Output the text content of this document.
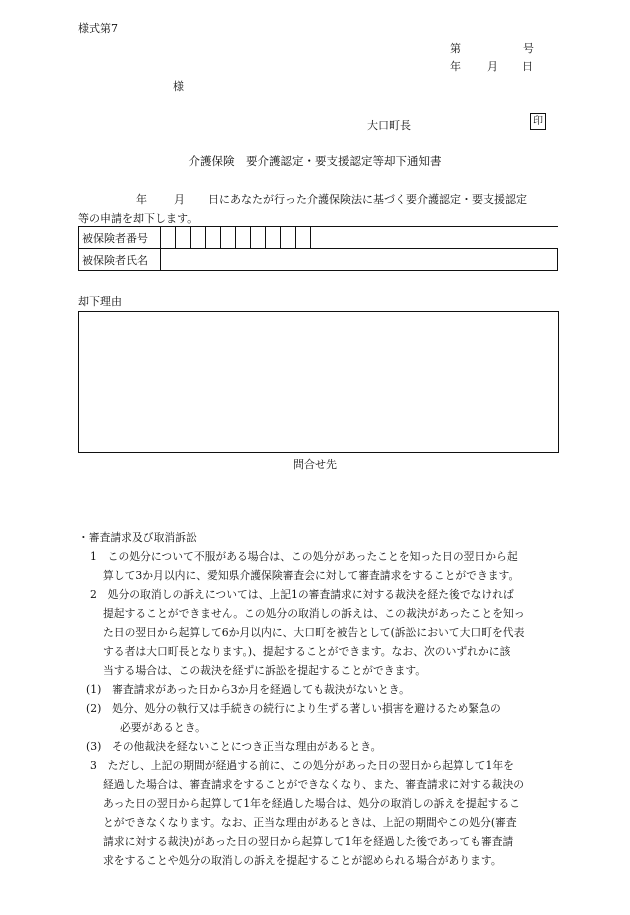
様式第7
第	号
年 月 日
様
大口町長	印
介護保険　要介護認定・要支援認定等却下通知書
年 月 日にあなたが行った介護保険法に基づく要介護認定・要支援認定
等の申請を却下します。
被保険者番号											
被保険者氏名											
却下理由
問合せ先

・審査請求及び取消訴訟

1　この処分について不服がある場合は、この処分があったことを知った日の翌日から起

算して3か月以内に、愛知県介護保険審査会に対して審査請求をすることができます。

2　処分の取消しの訴えについては、上記1の審査請求に対する裁決を経た後でなければ

提起することができません。この処分の取消しの訴えは、この裁決があったことを知っ

た日の翌日から起算して6か月以内に、大口町を被告として(訴訟において大口町を代表

する者は大口町長となります。)、提起することができます。なお、次のいずれかに該

当する場合は、この裁決を経ずに訴訟を提起することができます。

(1)　審査請求があった日から3か月を経過しても裁決がないとき。

(2)　処分、処分の執行又は手続きの続行により生ずる著しい損害を避けるため緊急の

必要があるとき。

(3)　その他裁決を経ないことにつき正当な理由があるとき。

3　ただし、上記の期間が経過する前に、この処分があった日の翌日から起算して1年を

経過した場合は、審査請求をすることができなくなり、また、審査請求に対する裁決の

あった日の翌日から起算して1年を経過した場合は、処分の取消しの訴えを提起するこ

とができなくなります。なお、正当な理由があるときは、上記の期間やこの処分(審査

請求に対する裁決)があった日の翌日から起算して1年を経過した後であっても審査請

求をすることや処分の取消しの訴えを提起することが認められる場合があります。
